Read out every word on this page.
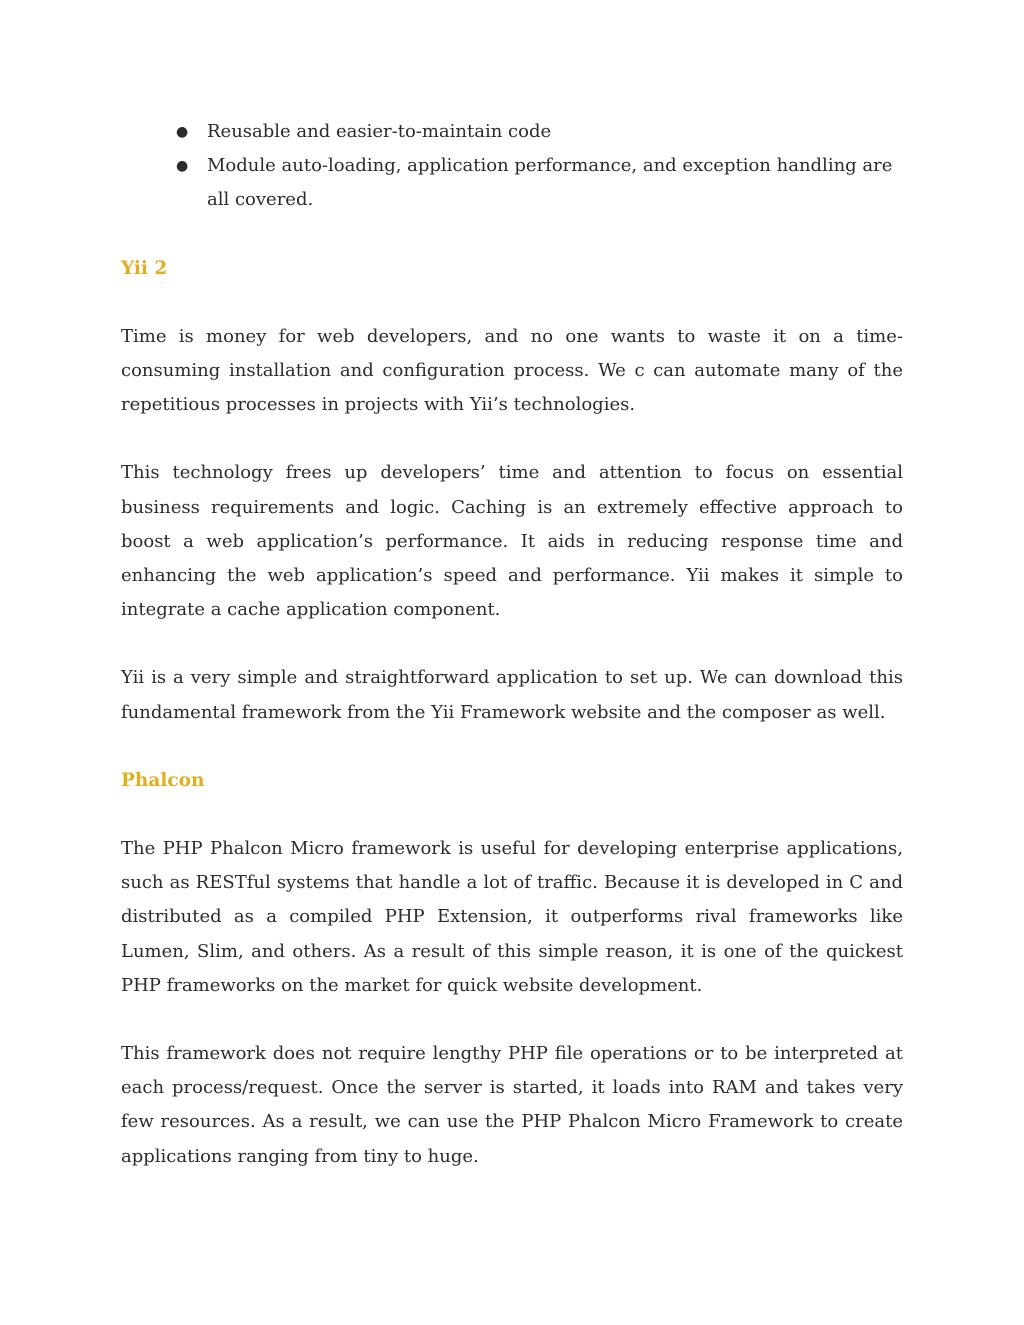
● Reusable and easier-to-maintain code
● Module auto-loading, application performance, and exception handling are all covered.
Yii 2

Time is money for web developers, and no one wants to waste it on a time-consuming installation and configuration process. We c can automate many of the repetitious processes in projects with Yii’s technologies.

This technology frees up developers’ time and attention to focus on essential business requirements and logic. Caching is an extremely effective approach to boost a web application’s performance. It aids in reducing response time and enhancing the web application’s speed and performance. Yii makes it simple to integrate a cache application component.

Yii is a very simple and straightforward application to set up. We can download this fundamental framework from the Yii Framework website and the composer as well.

Phalcon

The PHP Phalcon Micro framework is useful for developing enterprise applications, such as RESTful systems that handle a lot of traffic. Because it is developed in C and distributed as a compiled PHP Extension, it outperforms rival frameworks like Lumen, Slim, and others. As a result of this simple reason, it is one of the quickest PHP frameworks on the market for quick website development.

This framework does not require lengthy PHP file operations or to be interpreted at each process/request. Once the server is started, it loads into RAM and takes very few resources. As a result, we can use the PHP Phalcon Micro Framework to create applications ranging from tiny to huge.
